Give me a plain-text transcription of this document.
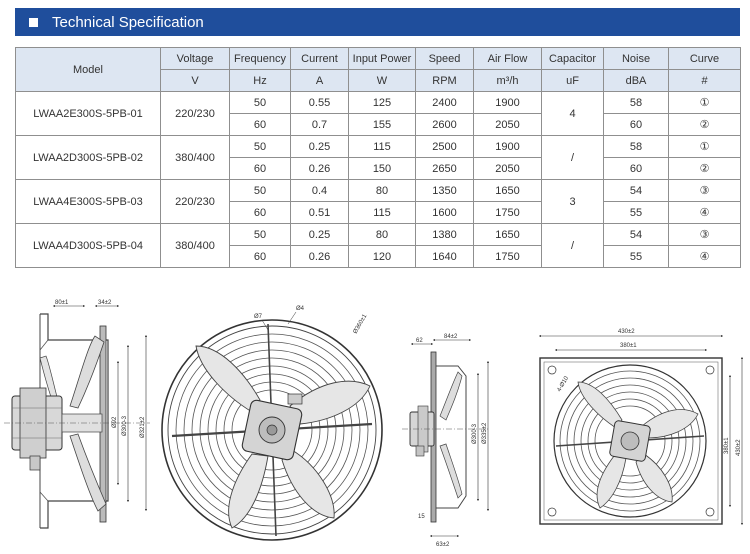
Technical Specification
Model	Voltage	Frequency	Current	Input Power	Speed	Air Flow	Capacitor	Noise	Curve
	V	Hz	A	W	RPM	m³/h	uF	dBA	#
LWAA2E300S-5PB-01	220/230	50	0.55	125	2400	1900	4	58	①
		60	0.7	155	2600	2050		60	②
LWAA2D300S-5PB-02	380/400	50	0.25	115	2500	1900	/	58	①
		60	0.26	150	2650	2050		60	②
LWAA4E300S-5PB-03	220/230	50	0.4	80	1350	1650	3	54	③
		60	0.51	115	1600	1750		55	④
LWAA4D300S-5PB-04	380/400	50	0.25	80	1380	1650	/	54	③
		60	0.26	120	1640	1750		55	④
80±1	34±2
Ø92 Ø300-3 Ø321±2
Ø7
Ø4
Ø360±1
62
84±2
Ø300-3 Ø335±2
15
63±2
430±2
380±1
4-Ø10
380±1 430±2
